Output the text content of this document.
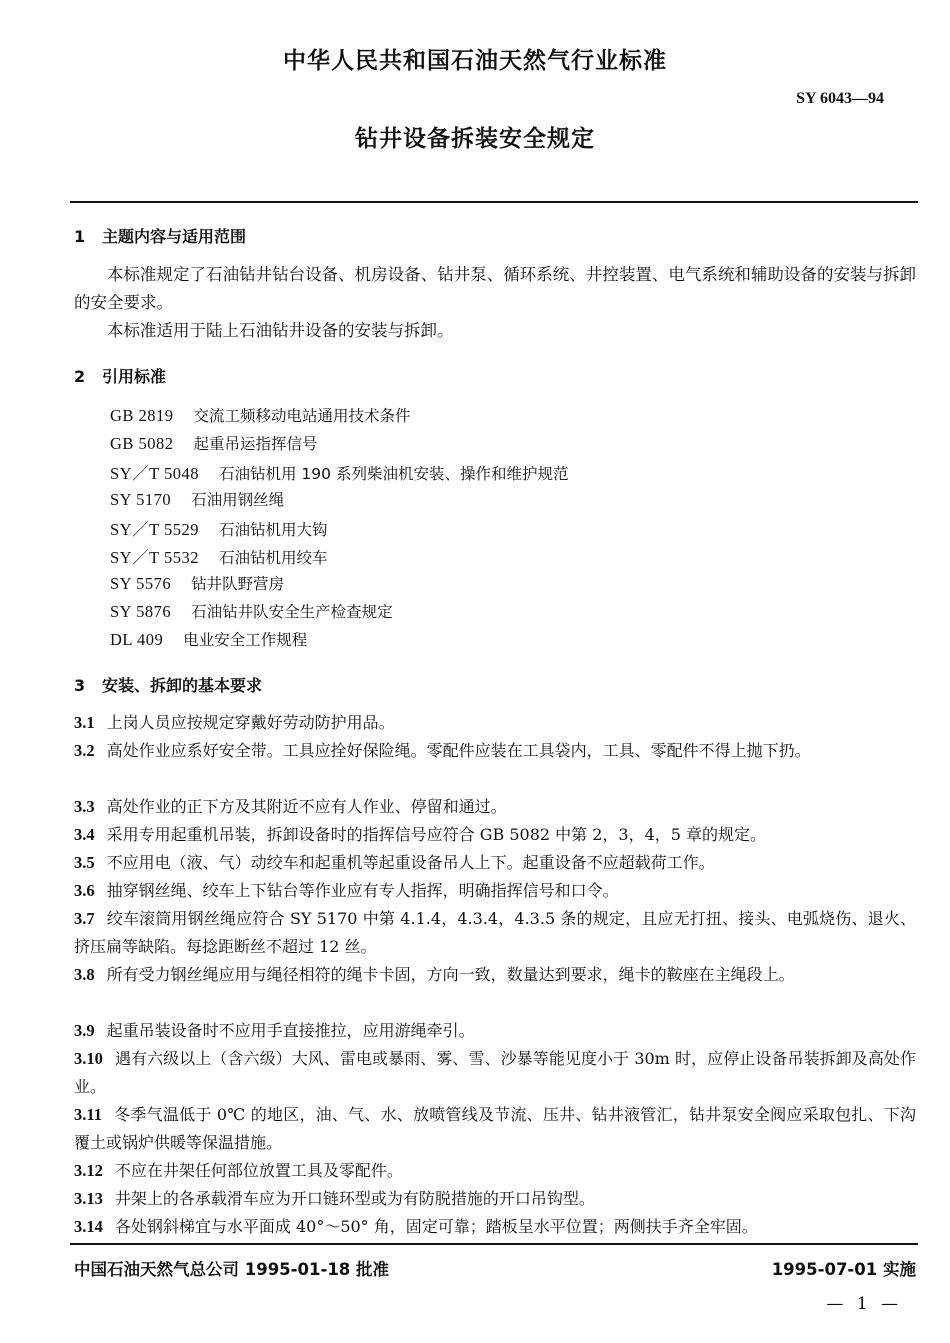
中华人民共和国石油天然气行业标准
SY 6043—94
钻井设备拆装安全规定
1 主题内容与适用范围
本标准规定了石油钻井钻台设备、机房设备、钻井泵、循环系统、井控装置、电气系统和辅助设备的安装与拆卸的安全要求。
本标准适用于陆上石油钻井设备的安装与拆卸。
2 引用标准
GB 2819 交流工频移动电站通用技术条件
GB 5082 起重吊运指挥信号
SY／T 5048 石油钻机用 190 系列柴油机安装、操作和维护规范
SY 5170 石油用钢丝绳
SY／T 5529 石油钻机用大钩
SY／T 5532 石油钻机用绞车
SY 5576 钻井队野营房
SY 5876 石油钻井队安全生产检查规定
DL 409 电业安全工作规程
3 安装、拆卸的基本要求
3.1 上岗人员应按规定穿戴好劳动防护用品。
3.2 高处作业应系好安全带。工具应拴好保险绳。零配件应装在工具袋内，工具、零配件不得上抛下扔。
3.3 高处作业的正下方及其附近不应有人作业、停留和通过。
3.4 采用专用起重机吊装，拆卸设备时的指挥信号应符合 GB 5082 中第 2，3，4，5 章的规定。
3.5 不应用电（液、气）动绞车和起重机等起重设备吊人上下。起重设备不应超载荷工作。
3.6 抽穿钢丝绳、绞车上下钻台等作业应有专人指挥，明确指挥信号和口令。
3.7 绞车滚筒用钢丝绳应符合 SY 5170 中第 4.1.4，4.3.4，4.3.5 条的规定，且应无打扭、接头、电弧烧伤、退火、挤压扁等缺陷。每捻距断丝不超过 12 丝。
3.8 所有受力钢丝绳应用与绳径相符的绳卡卡固，方向一致，数量达到要求，绳卡的鞍座在主绳段上。
3.9 起重吊装设备时不应用手直接推拉，应用游绳牵引。
3.10 遇有六级以上（含六级）大风、雷电或暴雨、雾、雪、沙暴等能见度小于 30m 时，应停止设备吊装拆卸及高处作业。
3.11 冬季气温低于 0℃ 的地区，油、气、水、放喷管线及节流、压井、钻井液管汇，钻井泵安全阀应采取包扎、下沟覆土或锅炉供暖等保温措施。
3.12 不应在井架任何部位放置工具及零配件。
3.13 井架上的各承载滑车应为开口链环型或为有防脱措施的开口吊钩型。
3.14 各处钢斜梯宜与水平面成 40°～50° 角，固定可靠；踏板呈水平位置；两侧扶手齐全牢固。
中国石油天然气总公司 1995-01-18 批准	1995-07-01 实施
— 1 —
